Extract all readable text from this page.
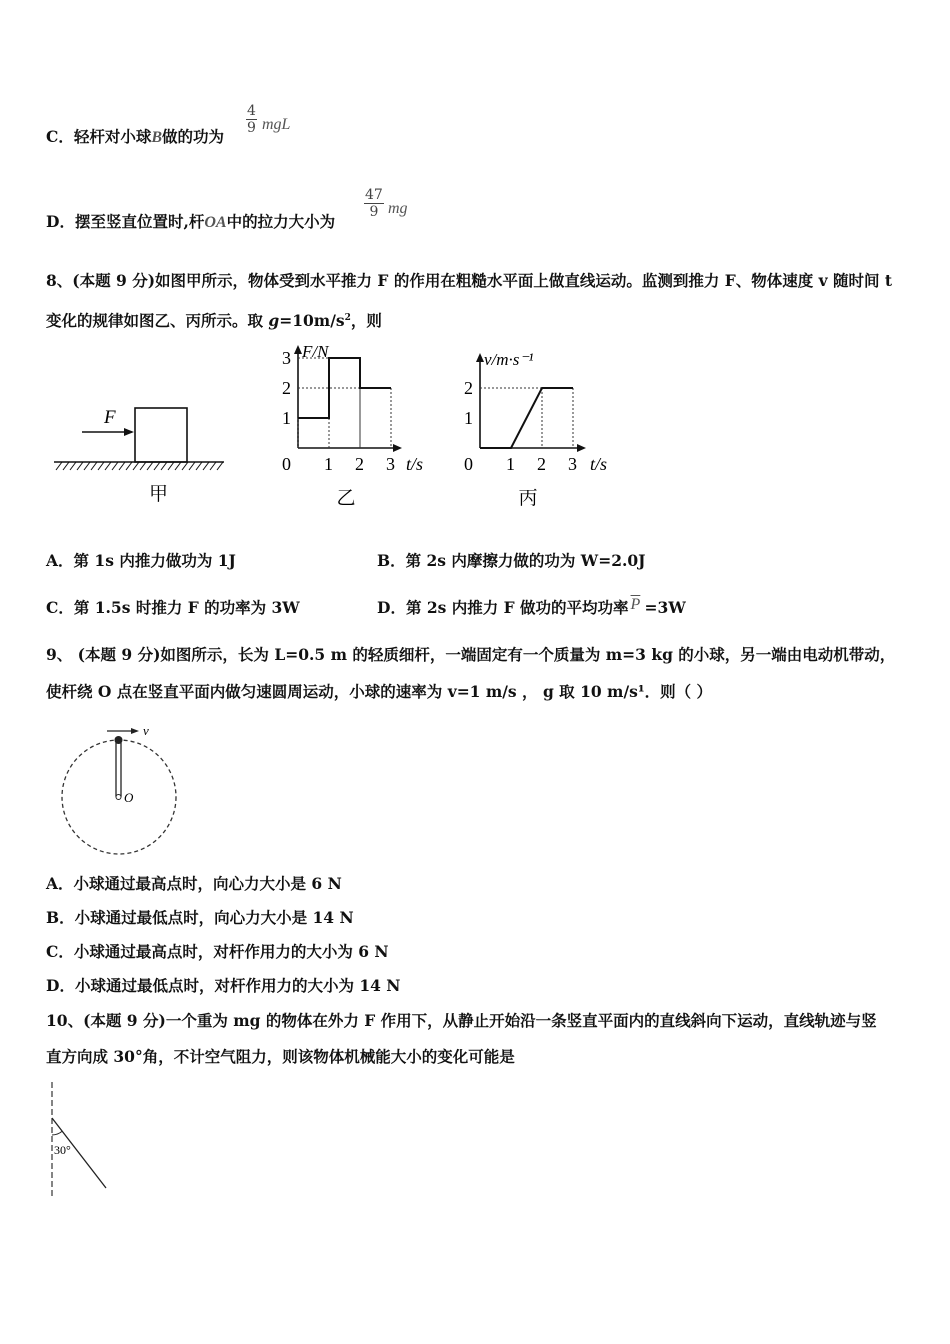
C．轻杆对小球B做的功为
$\frac{4}{9}$ mgL
D．摆至竖直位置时,杆OA中的拉力大小为
$\frac{47}{9}$ mg
8、(本题 9 分)如图甲所示，物体受到水平推力 F 的作用在粗糙水平面上做直线运动。监测到推力 F、物体速度 v 随时间 t
变化的规律如图乙、丙所示。取 $g=10m/s^2$，则
F
甲
0 1 2 3
1
2
3
t/s
F/N
乙
0 1 2 3
1
2
t/s
v/m·s⁻¹
丙
A．第 1s 内推力做功为 1J	B．第 2s 内摩擦力做的功为 W=2.0J
C．第 1.5s 时推力 F 的功率为 3W	D．第 2s 内推力 F 做功的平均功率 $\overline{P} =3W$
9、 (本题 9 分)如图所示，长为 L=0.5 m 的轻质细杆，一端固定有一个质量为 m=3 kg 的小球，另一端由电动机带动，
使杆绕 O 点在竖直平面内做匀速圆周运动，小球的速率为 v=1 m/s ， g 取 10 m/s¹．则（ ）
v
O
A．小球通过最高点时，向心力大小是 6 N
B．小球通过最低点时，向心力大小是 14 N
C．小球通过最高点时，对杆作用力的大小为 6 N
D．小球通过最低点时，对杆作用力的大小为 14 N
10、(本题 9 分)一个重为 mg 的物体在外力 F 作用下，从静止开始沿一条竖直平面内的直线斜向下运动，直线轨迹与竖
直方向成 30°角，不计空气阻力，则该物体机械能大小的变化可能是
30°
